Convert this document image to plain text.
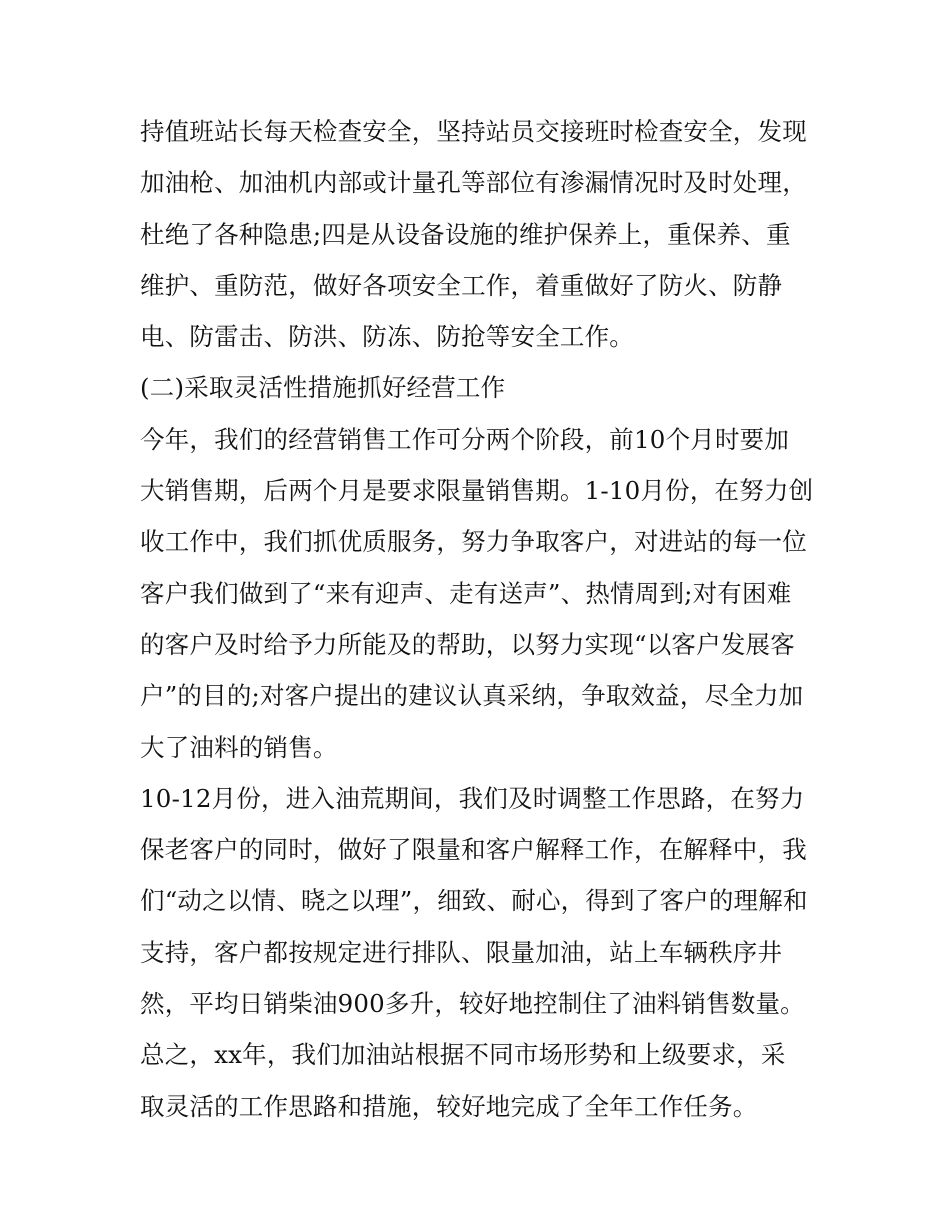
持值班站长每天检查安全，坚持站员交接班时检查安全，发现
加油枪、加油机内部或计量孔等部位有渗漏情况时及时处理，
杜绝了各种隐患;四是从设备设施的维护保养上，重保养、重
维护、重防范，做好各项安全工作，着重做好了防火、防静
电、防雷击、防洪、防冻、防抢等安全工作。
(二)采取灵活性措施抓好经营工作
今年，我们的经营销售工作可分两个阶段，前10个月时要加
大销售期，后两个月是要求限量销售期。1-10月份，在努力创
收工作中，我们抓优质服务，努力争取客户，对进站的每一位
客户我们做到了“来有迎声、走有送声”、热情周到;对有困难
的客户及时给予力所能及的帮助，以努力实现“以客户发展客
户”的目的;对客户提出的建议认真采纳，争取效益，尽全力加
大了油料的销售。
10-12月份，进入油荒期间，我们及时调整工作思路，在努力
保老客户的同时，做好了限量和客户解释工作，在解释中，我
们“动之以情、晓之以理”，细致、耐心，得到了客户的理解和
支持，客户都按规定进行排队、限量加油，站上车辆秩序井
然，平均日销柴油900多升，较好地控制住了油料销售数量。
总之，xx年，我们加油站根据不同市场形势和上级要求，采
取灵活的工作思路和措施，较好地完成了全年工作任务。
